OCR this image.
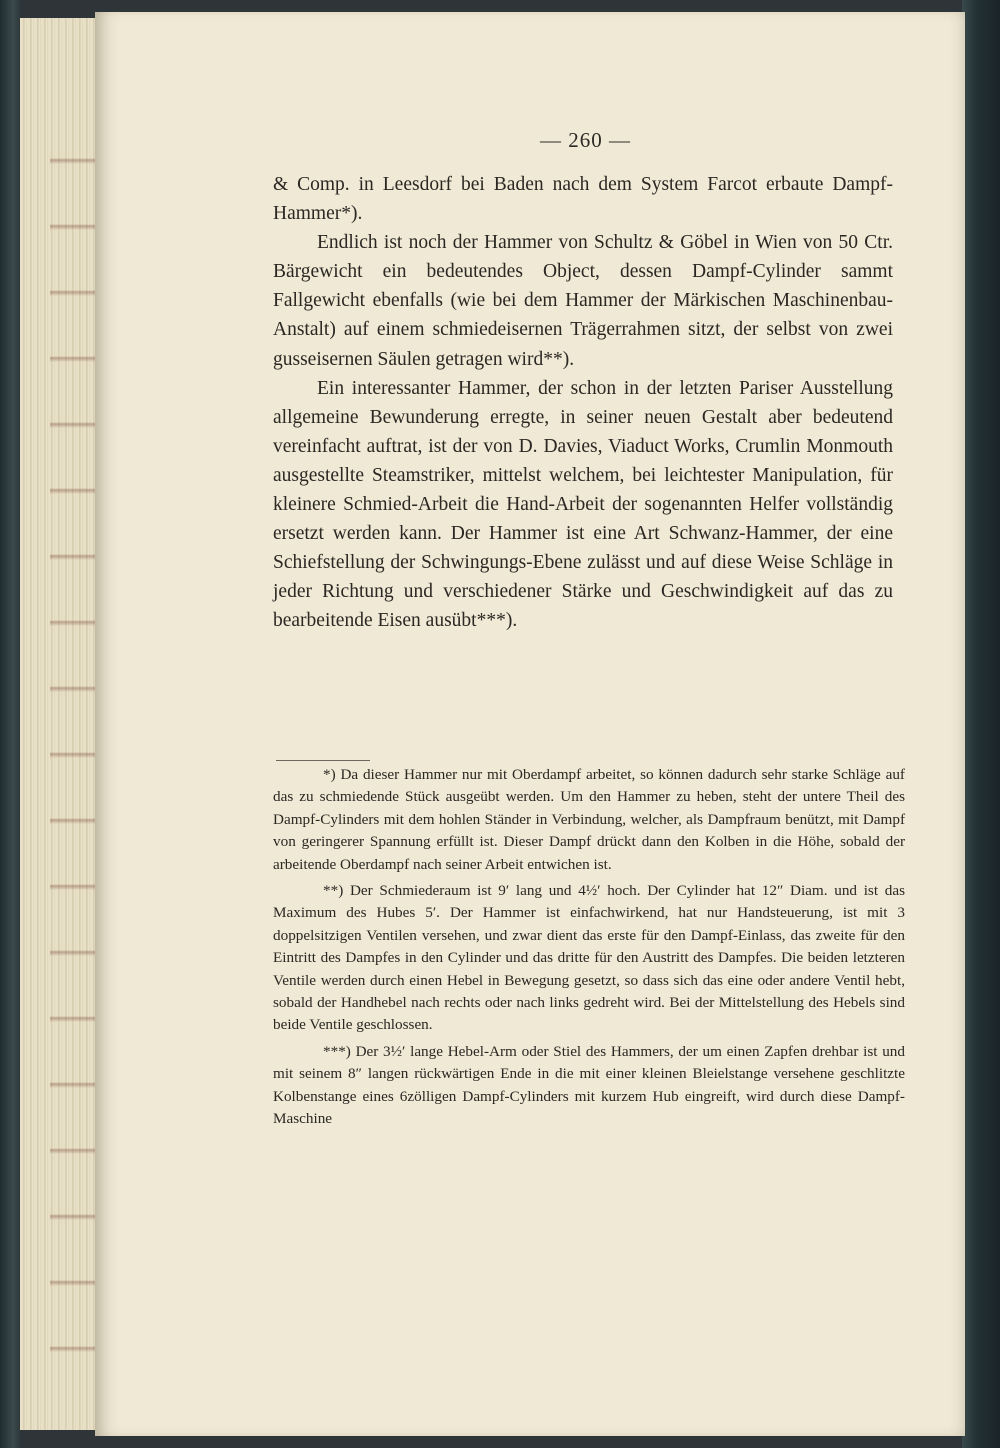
— 260 —

& Comp. in Leesdorf bei Baden nach dem System Farcot erbaute Dampf-Hammer*).

Endlich ist noch der Hammer von Schultz & Göbel in Wien von 50 Ctr. Bärgewicht ein bedeutendes Object, dessen Dampf-Cylinder sammt Fallgewicht ebenfalls (wie bei dem Hammer der Märkischen Maschinenbau-Anstalt) auf einem schmiedeisernen Trägerrahmen sitzt, der selbst von zwei gusseisernen Säulen getragen wird**).

Ein interessanter Hammer, der schon in der letzten Pariser Ausstellung allgemeine Bewunderung erregte, in seiner neuen Gestalt aber bedeutend vereinfacht auftrat, ist der von D. Davies, Viaduct Works, Crumlin Monmouth ausgestellte Steamstriker, mittelst welchem, bei leichtester Manipulation, für kleinere Schmied-Arbeit die Hand-Arbeit der sogenannten Helfer vollständig ersetzt werden kann. Der Hammer ist eine Art Schwanz-Hammer, der eine Schiefstellung der Schwingungs-Ebene zulässt und auf diese Weise Schläge in jeder Richtung und verschiedener Stärke und Geschwindigkeit auf das zu bearbeitende Eisen ausübt***).

*) Da dieser Hammer nur mit Oberdampf arbeitet, so können dadurch sehr starke Schläge auf das zu schmiedende Stück ausgeübt werden. Um den Hammer zu heben, steht der untere Theil des Dampf-Cylinders mit dem hohlen Ständer in Verbindung, welcher, als Dampfraum benützt, mit Dampf von geringerer Spannung erfüllt ist. Dieser Dampf drückt dann den Kolben in die Höhe, sobald der arbeitende Oberdampf nach seiner Arbeit entwichen ist.

**) Der Schmiederaum ist 9′ lang und 4½′ hoch. Der Cylinder hat 12″ Diam. und ist das Maximum des Hubes 5′. Der Hammer ist einfachwirkend, hat nur Handsteuerung, ist mit 3 doppelsitzigen Ventilen versehen, und zwar dient das erste für den Dampf-Einlass, das zweite für den Eintritt des Dampfes in den Cylinder und das dritte für den Austritt des Dampfes. Die beiden letzteren Ventile werden durch einen Hebel in Bewegung gesetzt, so dass sich das eine oder andere Ventil hebt, sobald der Handhebel nach rechts oder nach links gedreht wird. Bei der Mittelstellung des Hebels sind beide Ventile geschlossen.

***) Der 3½′ lange Hebel-Arm oder Stiel des Hammers, der um einen Zapfen drehbar ist und mit seinem 8″ langen rückwärtigen Ende in die mit einer kleinen Bleielstange versehene geschlitzte Kolbenstange eines 6zölligen Dampf-Cylinders mit kurzem Hub eingreift, wird durch diese Dampf-Maschine
